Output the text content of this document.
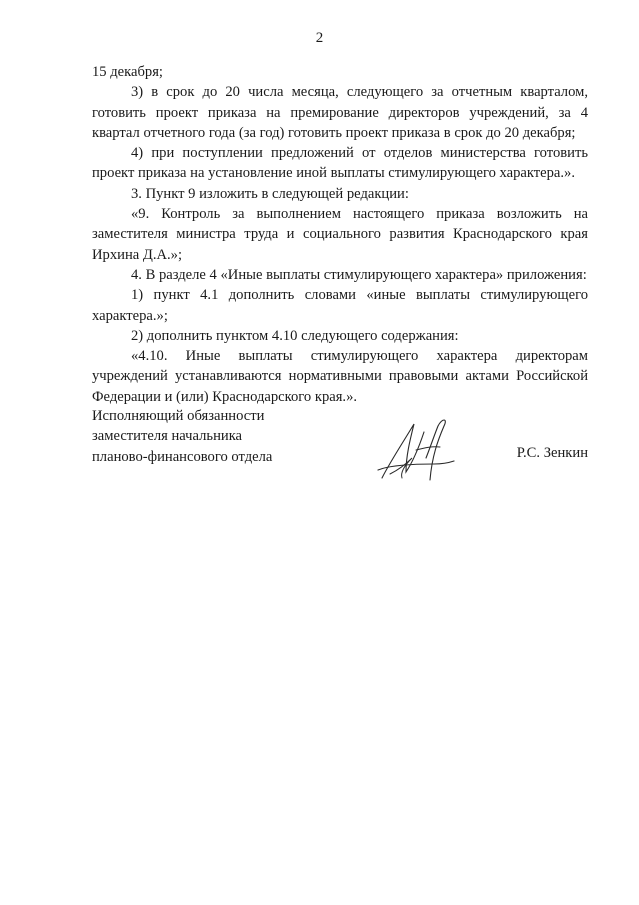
2

15 декабря;

3) в срок до 20 числа месяца, следующего за отчетным кварталом, готовить проект приказа на премирование директоров учреждений, за 4 квартал отчетного года (за год) готовить проект приказа в срок до 20 декабря;

4) при поступлении предложений от отделов министерства готовить проект приказа на установление иной выплаты стимулирующего характера.».

3. Пункт 9 изложить в следующей редакции:

«9. Контроль за выполнением настоящего приказа возложить на заместителя министра труда и социального развития Краснодарского края Ирхина Д.А.»;

4. В разделе 4 «Иные выплаты стимулирующего характера» приложения:

1) пункт 4.1 дополнить словами «иные выплаты стимулирующего характера.»;

2) дополнить пунктом 4.10 следующего содержания:

«4.10. Иные выплаты стимулирующего характера директорам учреждений устанавливаются нормативными правовыми актами Российской Федерации и (или) Краснодарского края.».

Исполняющий обязанности
заместителя начальника
планово-финансового отдела	Р.С. Зенкин
